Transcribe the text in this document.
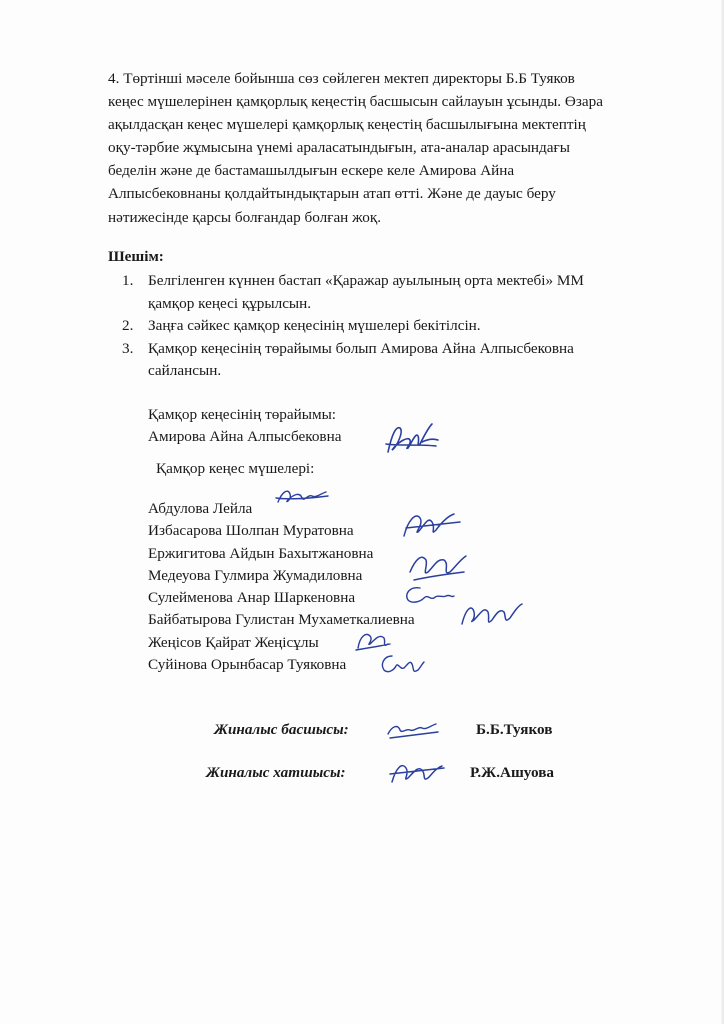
4. Төртінші мәселе бойынша сөз сөйлеген мектеп директоры Б.Б Туяков
кеңес мүшелерінен қамқорлық кеңестің басшысын сайлауын ұсынды. Өзара
ақылдасқан кеңес мүшелері қамқорлық кеңестің басшылығына мектептің
оқу-тәрбие жұмысына үнемі араласатындығын, ата-аналар арасындағы
беделін және де бастамашылдығын ескере келе Амирова Айна
Алпысбековнаны қолдайтындықтарын атап өтті. Және де дауыс беру
нәтижесінде қарсы болғандар болған жоқ.
Шешім:
1. Белгіленген күннен бастап «Қаражар ауылының орта мектебі» ММ
қамқор кеңесі құрылсын.
2. Заңға сәйкес қамқор кеңесінің мүшелері бекітілсін.
3. Қамқор кеңесінің төрайымы болып Амирова Айна Алпысбековна
сайлансын.
Қамқор кеңесінің төрайымы:
Амирова Айна Алпысбековна
Қамқор кеңес мүшелері:
Абдулова Лейла
Избасарова Шолпан Муратовна
Ержигитова Айдын Бахытжановна
Медеуова Гулмира Жумадиловна
Сулейменова Анар Шаркеновна
Байбатырова Гулистан Мухаметкалиевна
Жеңісов Қайрат Жеңісұлы
Суйінова Орынбасар Туяковна
Жиналыс басшысы:	Б.Б.Туяков
Жиналыс хатшысы:	Р.Ж.Ашуова
